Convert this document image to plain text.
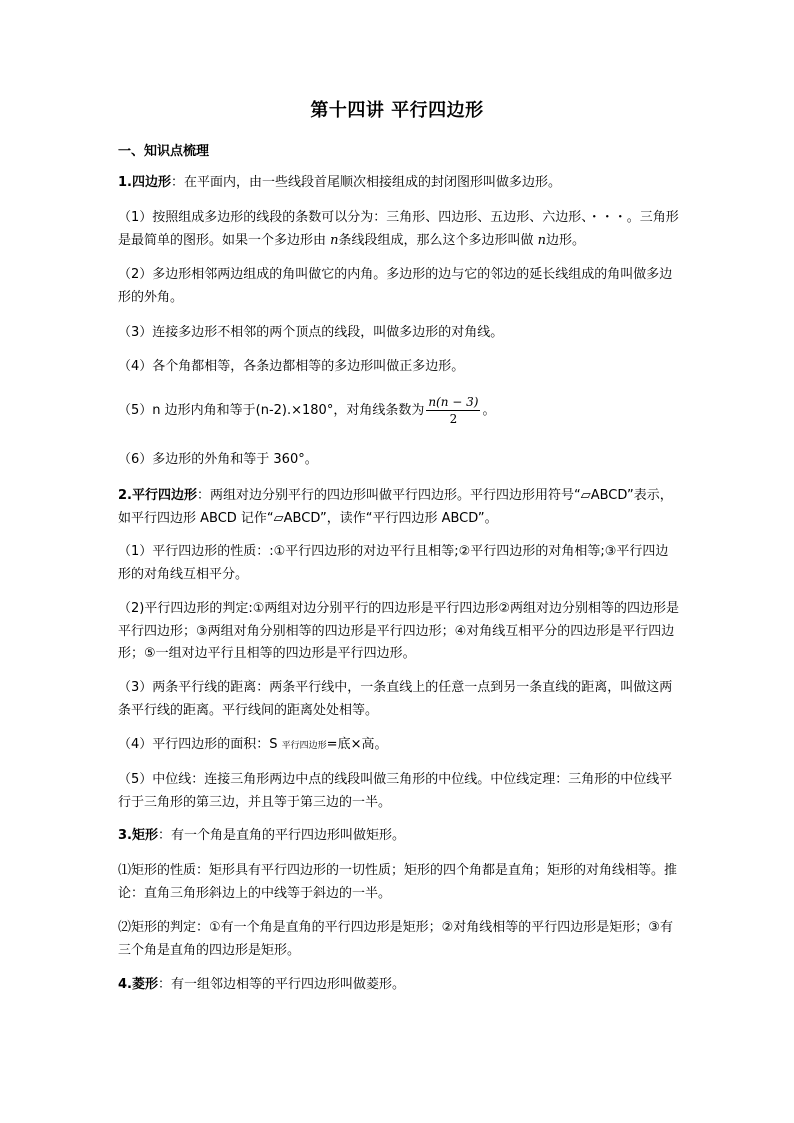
第十四讲 平行四边形
一、知识点梳理
1.四边形：在平面内，由一些线段首尾顺次相接组成的封闭图形叫做多边形。
（1）按照组成多边形的线段的条数可以分为：三角形、四边形、五边形、六边形、・・・。三角形是最简单的图形。如果一个多边形由 n条线段组成，那么这个多边形叫做 n边形。
（2）多边形相邻两边组成的角叫做它的内角。多边形的边与它的邻边的延长线组成的角叫做多边形的外角。
（3）连接多边形不相邻的两个顶点的线段，叫做多边形的对角线。
（4）各个角都相等，各条边都相等的多边形叫做正多边形。
（5）n 边形内角和等于(n-2).×180°，对角线条数为 $\frac{n(n - 3)}{2}$ 。
（6）多边形的外角和等于 360°。
2.平行四边形：两组对边分别平行的四边形叫做平行四边形。平行四边形用符号“▱ABCD”表示，如平行四边形 ABCD 记作“▱ABCD”，读作“平行四边形 ABCD”。
（1）平行四边形的性质：:①平行四边形的对边平行且相等;②平行四边形的对角相等;③平行四边形的对角线互相平分。
（2)平行四边形的判定:①两组对边分别平行的四边形是平行四边形②两组对边分别相等的四边形是平行四边形；③两组对角分别相等的四边形是平行四边形；④对角线互相平分的四边形是平行四边形；⑤一组对边平行且相等的四边形是平行四边形。
（3）两条平行线的距离：两条平行线中，一条直线上的任意一点到另一条直线的距离，叫做这两条平行线的距离。平行线间的距离处处相等。
（4）平行四边形的面积：S 平行四边形=底×高。
（5）中位线：连接三角形两边中点的线段叫做三角形的中位线。中位线定理：三角形的中位线平行于三角形的第三边，并且等于第三边的一半。
3.矩形：有一个角是直角的平行四边形叫做矩形。
⑴矩形的性质：矩形具有平行四边形的一切性质；矩形的四个角都是直角；矩形的对角线相等。推论：直角三角形斜边上的中线等于斜边的一半。
⑵矩形的判定：①有一个角是直角的平行四边形是矩形；②对角线相等的平行四边形是矩形；③有三个角是直角的四边形是矩形。
4.菱形：有一组邻边相等的平行四边形叫做菱形。
